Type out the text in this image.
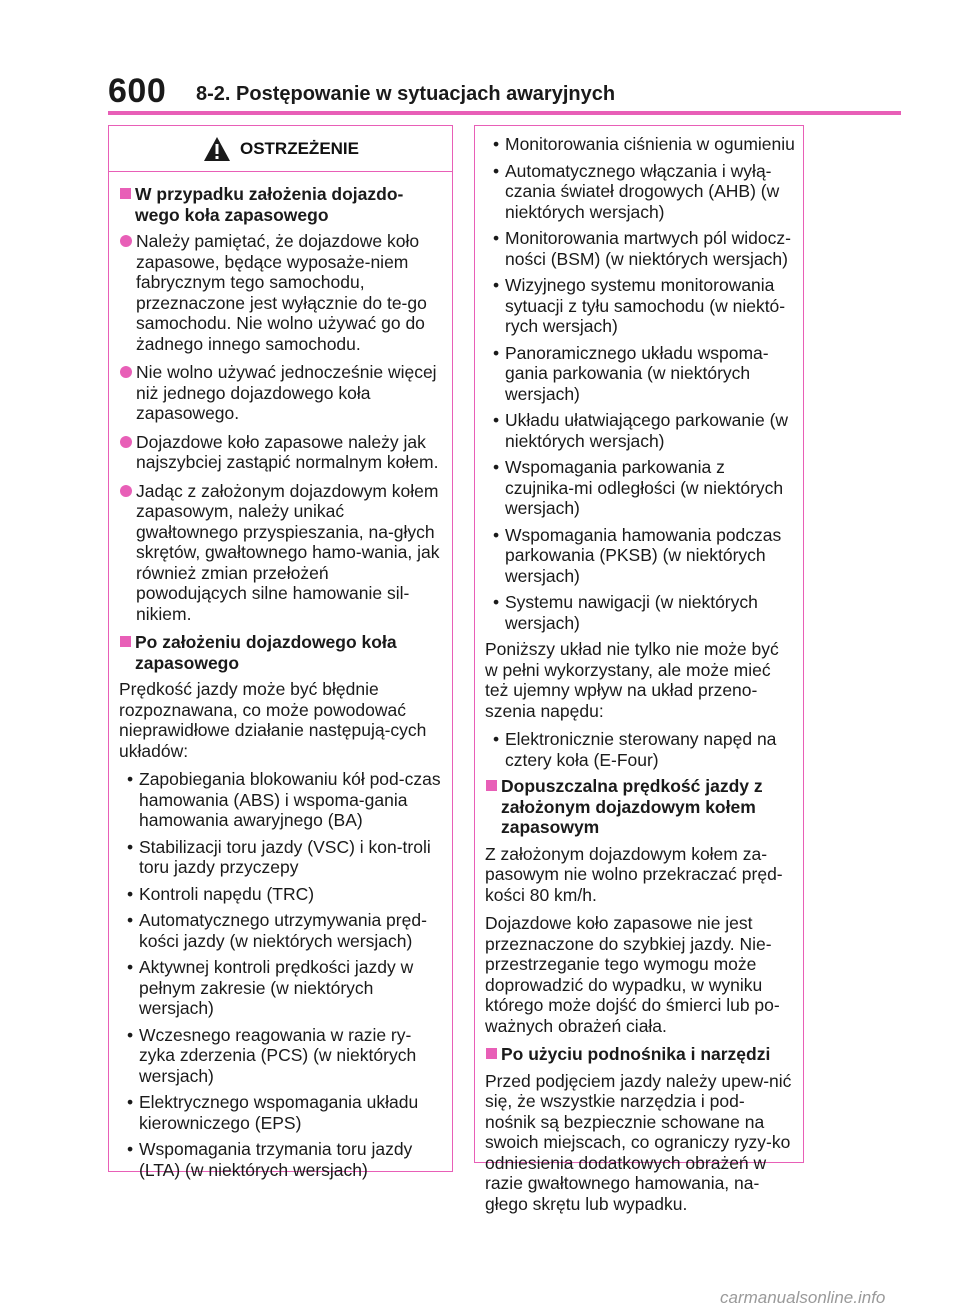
600 8-2. Postępowanie w sytuacjach awaryjnych
OSTRZEŻENIE
W przypadku założenia dojazdo-wego koła zapasowego
Należy pamiętać, że dojazdowe koło zapasowe, będące wyposaże-niem fabrycznym tego samochodu, przeznaczone jest wyłącznie do te-go samochodu. Nie wolno używać go do żadnego innego samochodu.
Nie wolno używać jednocześnie więcej niż jednego dojazdowego koła zapasowego.
Dojazdowe koło zapasowe należy jak najszybciej zastąpić normalnym kołem.
Jadąc z założonym dojazdowym kołem zapasowym, należy unikać gwałtownego przyspieszania, na-głych skrętów, gwałtownego hamo-wania, jak również zmian przełożeń powodujących silne hamowanie sil-nikiem.
Po założeniu dojazdowego koła zapasowego
Prędkość jazdy może być błędnie rozpoznawana, co może powodować nieprawidłowe działanie następują-cych układów:
• Zapobiegania blokowaniu kół pod-czas hamowania (ABS) i wspoma-gania hamowania awaryjnego (BA)
• Stabilizacji toru jazdy (VSC) i kon-troli toru jazdy przyczepy
• Kontroli napędu (TRC)
• Automatycznego utrzymywania pręd-kości jazdy (w niektórych wersjach)
• Aktywnej kontroli prędkości jazdy w pełnym zakresie (w niektórych wersjach)
• Wczesnego reagowania w razie ry-zyka zderzenia (PCS) (w niektórych wersjach)
• Elektrycznego wspomagania układu kierowniczego (EPS)
• Wspomagania trzymania toru jazdy (LTA) (w niektórych wersjach)
• Monitorowania ciśnienia w ogumieniu
• Automatycznego włączania i wyłą-czania świateł drogowych (AHB) (w niektórych wersjach)
• Monitorowania martwych pól widocz-ności (BSM) (w niektórych wersjach)
• Wizyjnego systemu monitorowania sytuacji z tyłu samochodu (w niektó-rych wersjach)
• Panoramicznego układu wspoma-gania parkowania (w niektórych wersjach)
• Układu ułatwiającego parkowanie (w niektórych wersjach)
• Wspomagania parkowania z czujnika-mi odległości (w niektórych wersjach)
• Wspomagania hamowania podczas parkowania (PKSB) (w niektórych wersjach)
• Systemu nawigacji (w niektórych wersjach)
Poniższy układ nie tylko nie może być w pełni wykorzystany, ale może mieć też ujemny wpływ na układ przeno-szenia napędu:
• Elektronicznie sterowany napęd na cztery koła (E-Four)
Dopuszczalna prędkość jazdy z założonym dojazdowym kołem zapasowym
Z założonym dojazdowym kołem za-pasowym nie wolno przekraczać pręd-kości 80 km/h.
Dojazdowe koło zapasowe nie jest przeznaczone do szybkiej jazdy. Nie-przestrzeganie tego wymogu może doprowadzić do wypadku, w wyniku którego może dojść do śmierci lub po-ważnych obrażeń ciała.
Po użyciu podnośnika i narzędzi
Przed podjęciem jazdy należy upew-nić się, że wszystkie narzędzia i pod-nośnik są bezpiecznie schowane na swoich miejscach, co ograniczy ryzy-ko odniesienia dodatkowych obrażeń w razie gwałtownego hamowania, na-głego skrętu lub wypadku.
carmanualsonline.info
